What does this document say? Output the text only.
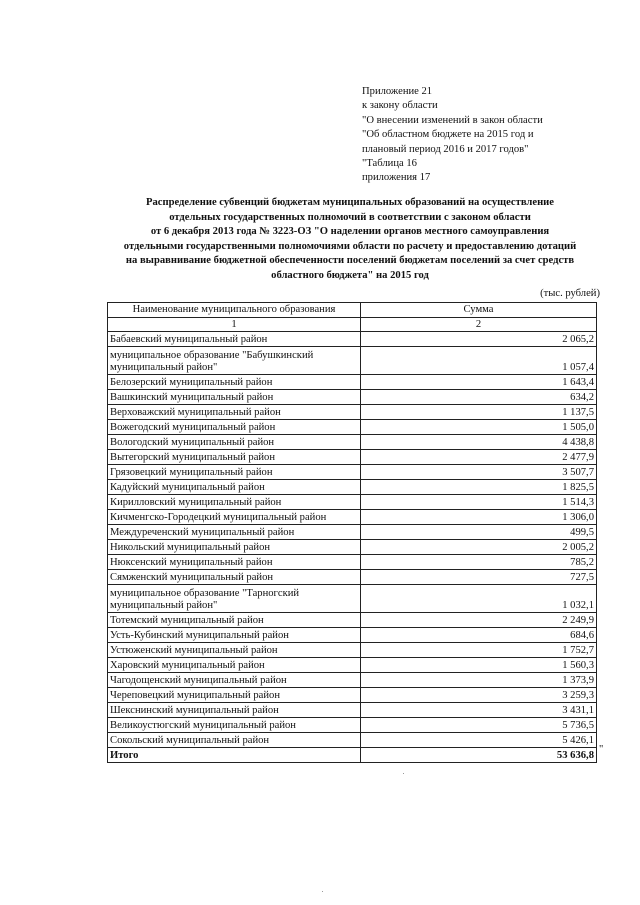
Приложение 21
к закону области
"О внесении изменений в закон области
"Об областном бюджете на 2015 год и
плановый период 2016 и 2017 годов"
"Таблица 16
приложения 17
Распределение субвенций бюджетам муниципальных образований на осуществление
отдельных государственных полномочий в соответствии с законом области
от 6 декабря 2013 года № 3223-ОЗ "О наделении органов местного самоуправления
отдельными государственными полномочиями области по расчету и предоставлению дотаций
на выравнивание бюджетной обеспеченности поселений бюджетам поселений за счет средств
областного бюджета" на 2015 год
(тыс. рублей)
Наименование муниципального образования	Сумма
1	2
Бабаевский муниципальный район	2 065,2
муниципальное образование "Бабушкинский муниципальный район"	1 057,4
Белозерский муниципальный район	1 643,4
Вашкинский муниципальный район	634,2
Верховажский муниципальный район	1 137,5
Вожегодский муниципальный район	1 505,0
Вологодский муниципальный район	4 438,8
Вытегорский муниципальный район	2 477,9
Грязовецкий муниципальный район	3 507,7
Кадуйский муниципальный район	1 825,5
Кирилловский муниципальный район	1 514,3
Кичменгско-Городецкий муниципальный район	1 306,0
Междуреченский муниципальный район	499,5
Никольский муниципальный район	2 005,2
Нюксенский муниципальный район	785,2
Сямженский муниципальный район	727,5
муниципальное образование "Тарногский муниципальный район"	1 032,1
Тотемский муниципальный район	2 249,9
Усть-Кубинский муниципальный район	684,6
Устюженский муниципальный район	1 752,7
Харовский муниципальный район	1 560,3
Чагодощенский муниципальный район	1 373,9
Череповецкий муниципальный район	3 259,3
Шекснинский муниципальный район	3 431,1
Великоустюгский муниципальный район	5 736,5
Сокольский муниципальный район	5 426,1
Итого	53 636,8
"
